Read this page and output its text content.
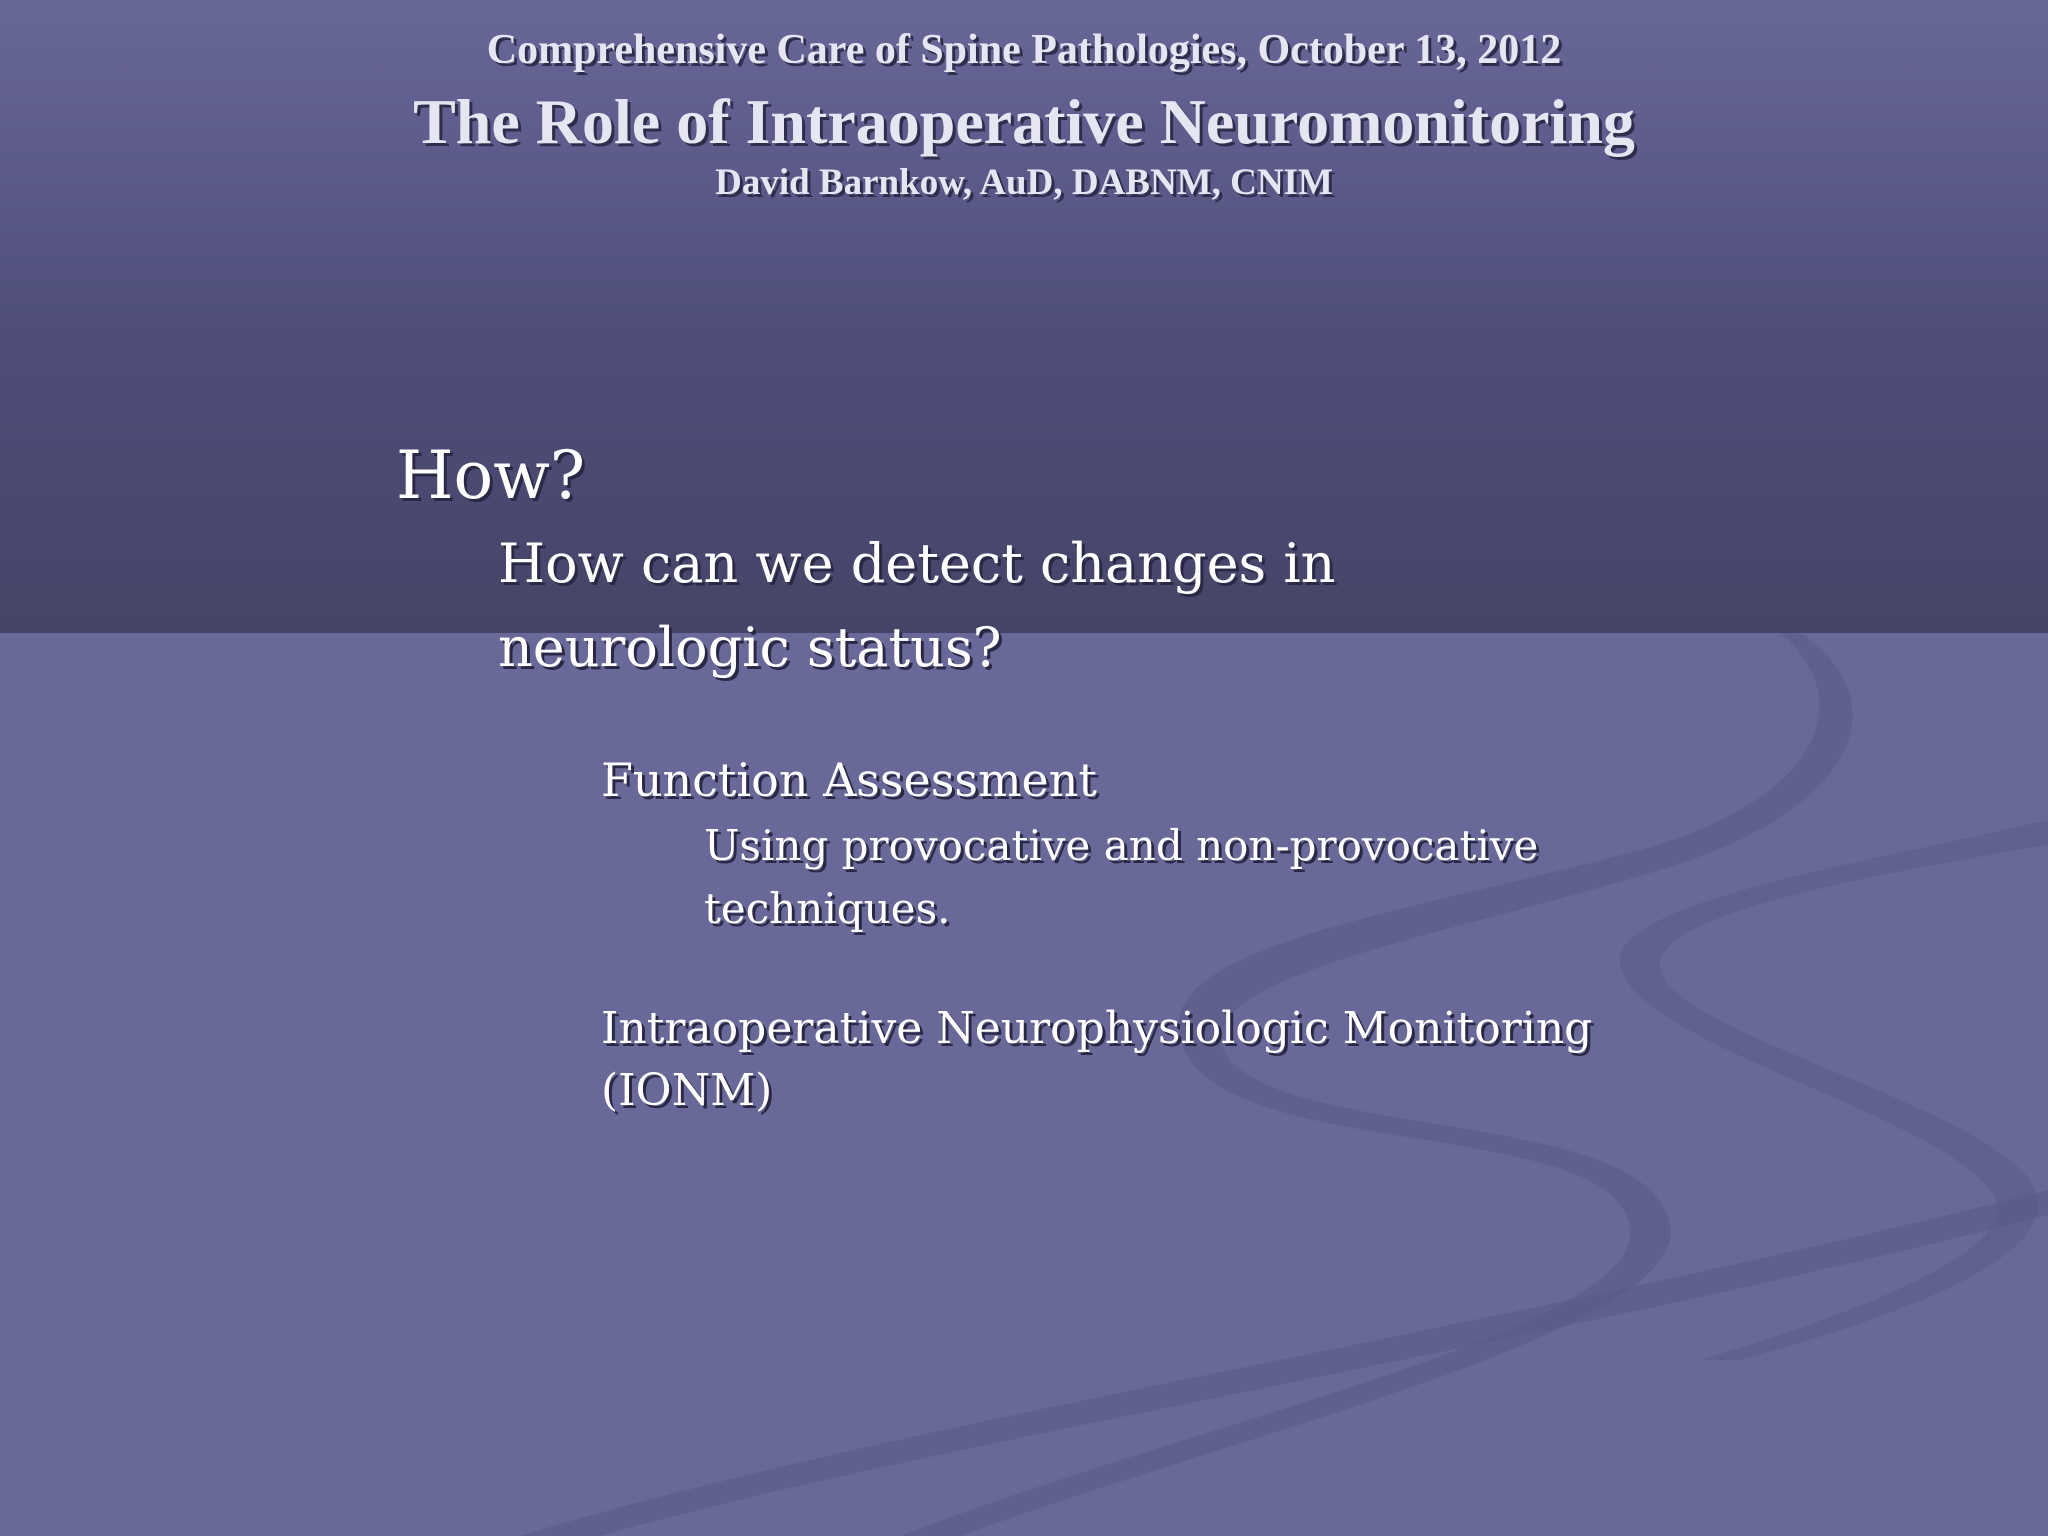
Comprehensive Care of Spine Pathologies, October 13, 2012
The Role of Intraoperative Neuromonitoring
David Barnkow, AuD, DABNM, CNIM
How?
How can we detect changes in
neurologic status?
Function Assessment
Using provocative and non-provocative
techniques.
Intraoperative Neurophysiologic Monitoring
(IONM)
